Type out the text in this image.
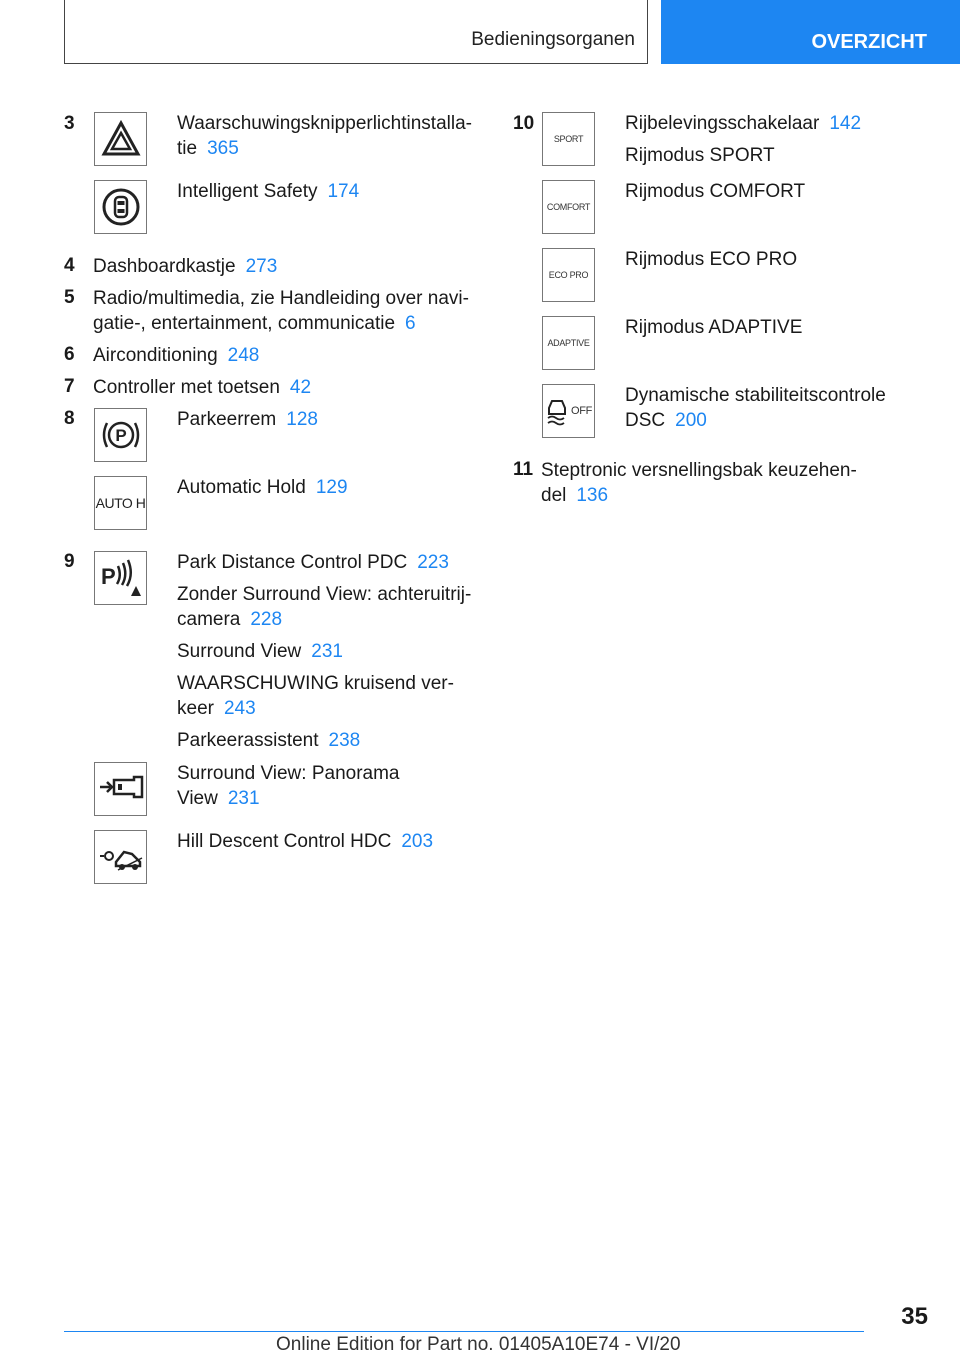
Bedieningsorganen	OVERZICHT
3	Waarschuwingsknipperlichtinstalla-
tie 365
Intelligent Safety 174
4 Dashboardkastje 273
5 Radio/multimedia, zie Handleiding over navi-
gatie-, entertainment, communicatie 6
6 Airconditioning 248
7 Controller met toetsen 42
8
P
Parkeerrem 128
AUTO H
Automatic Hold 129
9
P
Park Distance Control PDC 223
Zonder Surround View: achteruitrij-
camera 228
Surround View 231
WAARSCHUWING kruisend ver-
keer 243
Parkeerassistent 238
Surround View: Panorama
View 231
Hill Descent Control HDC 203
10
SPORT
Rijbelevingsschakelaar 142
Rijmodus SPORT
COMFORT
Rijmodus COMFORT
ECO PRO
Rijmodus ECO PRO
ADAPTIVE
Rijmodus ADAPTIVE
OFF
Dynamische stabiliteitscontrole
DSC 200
11 Steptronic versnellingsbak keuzehen-
del 136
35
Online Edition for Part no. 01405A10E74 - VI/20
